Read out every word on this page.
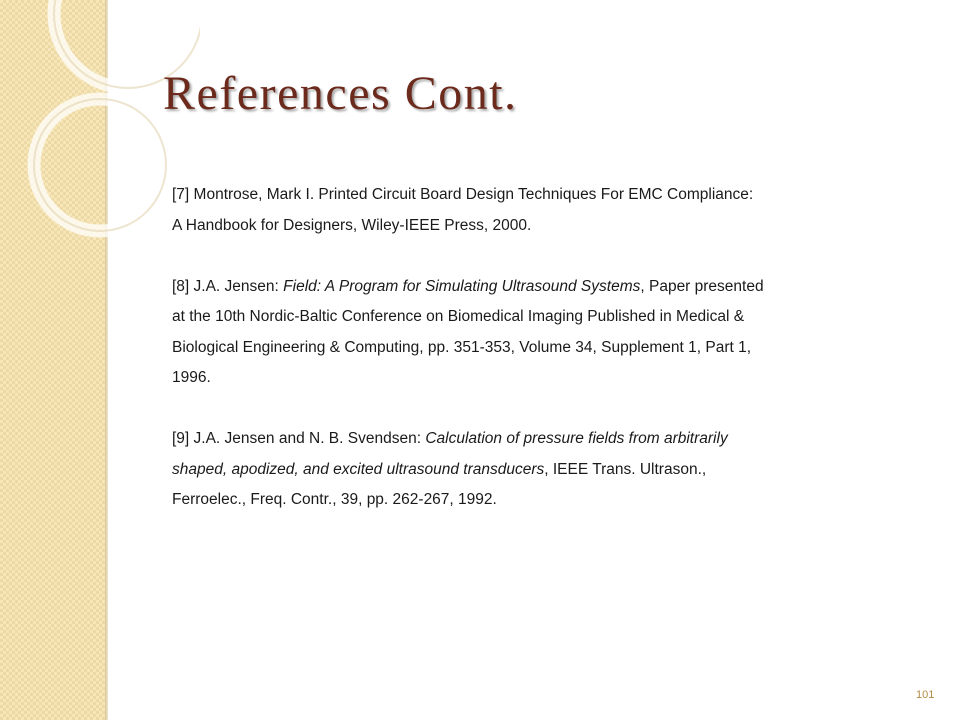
References Cont.
[7] Montrose, Mark I. Printed Circuit Board Design Techniques For EMC Compliance:
A Handbook for Designers, Wiley-IEEE Press, 2000.
[8] J.A. Jensen: Field: A Program for Simulating Ultrasound Systems, Paper presented
at the 10th Nordic-Baltic Conference on Biomedical Imaging Published in Medical &
Biological Engineering & Computing, pp. 351-353, Volume 34, Supplement 1, Part 1,
1996.
[9] J.A. Jensen and N. B. Svendsen: Calculation of pressure fields from arbitrarily
shaped, apodized, and excited ultrasound transducers, IEEE Trans. Ultrason.,
Ferroelec., Freq. Contr., 39, pp. 262-267, 1992.
101
